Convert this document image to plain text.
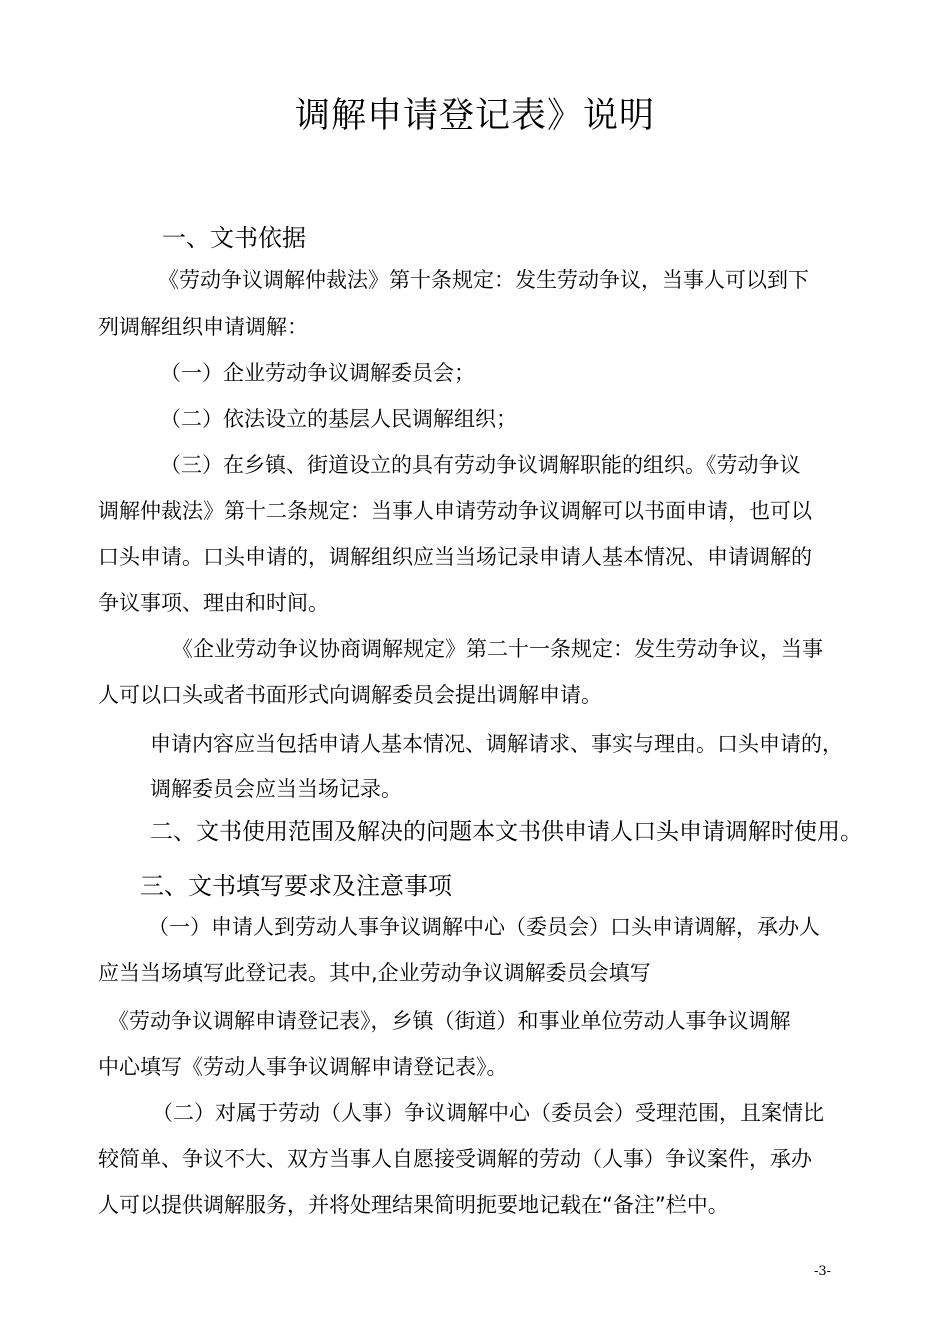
调解申请登记表》说明
一、文书依据
《劳动争议调解仲裁法》第十条规定：发生劳动争议，当事人可以到下
列调解组织申请调解：
（一）企业劳动争议调解委员会；
（二）依法设立的基层人民调解组织；
（三）在乡镇、街道设立的具有劳动争议调解职能的组织。《劳动争议
调解仲裁法》第十二条规定：当事人申请劳动争议调解可以书面申请，也可以
口头申请。口头申请的，调解组织应当当场记录申请人基本情况、申请调解的
争议事项、理由和时间。
《企业劳动争议协商调解规定》第二十一条规定：发生劳动争议，当事
人可以口头或者书面形式向调解委员会提出调解申请。
申请内容应当包括申请人基本情况、调解请求、事实与理由。口头申请的，
调解委员会应当当场记录。
二、文书使用范围及解决的问题本文书供申请人口头申请调解时使用。
三、文书填写要求及注意事项
（一）申请人到劳动人事争议调解中心（委员会）口头申请调解，承办人
应当当场填写此登记表。其中,企业劳动争议调解委员会填写
《劳动争议调解申请登记表》，乡镇（街道）和事业单位劳动人事争议调解
中心填写《劳动人事争议调解申请登记表》。
（二）对属于劳动（人事）争议调解中心（委员会）受理范围，且案情比
较简单、争议不大、双方当事人自愿接受调解的劳动（人事）争议案件，承办
人可以提供调解服务，并将处理结果简明扼要地记载在“备注”栏中。
-3-
